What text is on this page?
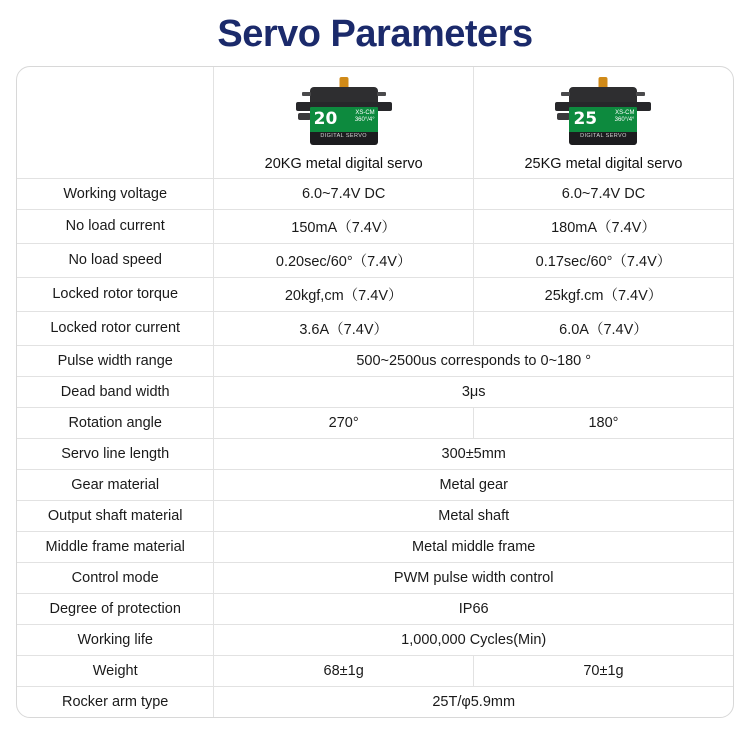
Servo Parameters

20	XS-CM
360°/4°
DIGITAL SERVO
20KG metal digital servo

25	XS-CM
360°/4°
DIGITAL SERVO
25KG metal digital servo

Working voltage	6.0~7.4V DC	6.0~7.4V DC
No load current	150mA（7.4V）	180mA（7.4V）
No load speed	0.20sec/60°（7.4V）	0.17sec/60°（7.4V）
Locked rotor torque	20kgf,cm（7.4V）	25kgf.cm（7.4V）
Locked rotor current	3.6A（7.4V）	6.0A（7.4V）
Pulse width range	500~2500us corresponds to 0~180 °	
Dead band width	3μs	
Rotation angle	270°	180°
Servo line length	300±5mm	
Gear material	Metal gear	
Output shaft material	Metal shaft	
Middle frame material	Metal middle frame	
Control mode	PWM pulse width control	
Degree of protection	IP66	
Working life	1,000,000 Cycles(Min)	
Weight	68±1g	70±1g
Rocker arm type	25T/φ5.9mm	
